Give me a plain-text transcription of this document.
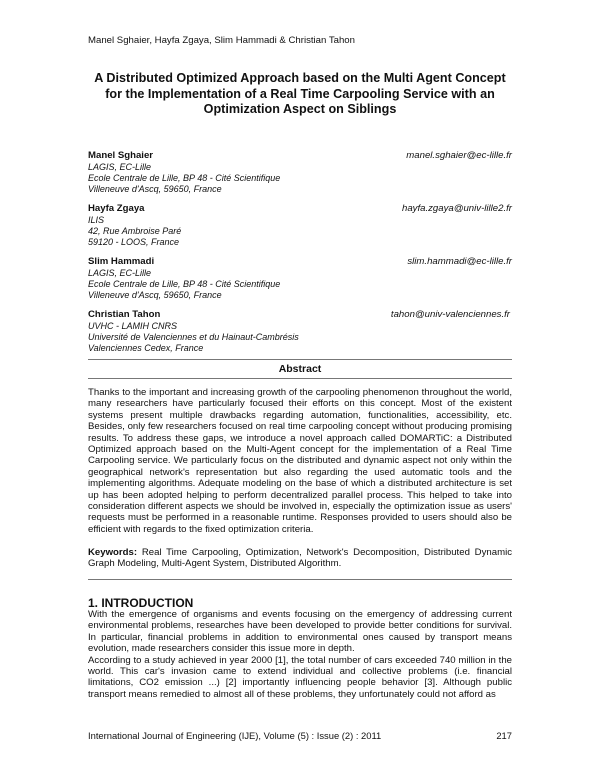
Manel Sghaier, Hayfa Zgaya, Slim Hammadi & Christian Tahon
A Distributed Optimized Approach based on the Multi Agent Concept for the Implementation of a Real Time Carpooling Service with an Optimization Aspect on Siblings
Manel Sghaier	manel.sghaier@ec-lille.fr
LAGIS, EC-Lille
Ecole Centrale de Lille, BP 48 - Cité Scientifique
Villeneuve d'Ascq, 59650, France
Hayfa Zgaya	hayfa.zgaya@univ-lille2.fr
ILIS
42, Rue Ambroise Paré
59120 - LOOS, France
Slim Hammadi	slim.hammadi@ec-lille.fr
LAGIS, EC-Lille
Ecole Centrale de Lille, BP 48 - Cité Scientifique
Villeneuve d'Ascq, 59650, France
Christian Tahon	tahon@univ-valenciennes.fr
UVHC - LAMIH CNRS
Université de Valenciennes et du Hainaut-Cambrésis
Valenciennes Cedex, France
Abstract
Thanks to the important and increasing growth of the carpooling phenomenon throughout the world, many researchers have particularly focused their efforts on this concept. Most of the existent systems present multiple drawbacks regarding automation, functionalities, accessibility, etc. Besides, only few researchers focused on real time carpooling concept without producing promising results. To address these gaps, we introduce a novel approach called DOMARTiC: a Distributed Optimized approach based on the Multi-Agent concept for the implementation of a Real Time Carpooling service. We particularly focus on the distributed and dynamic aspect not only within the geographical network's representation but also regarding the used automatic tools and the implementing algorithms. Adequate modeling on the base of which a distributed architecture is set up has been adopted helping to perform decentralized parallel process. This helped to take into consideration different aspects we should be involved in, especially the optimization issue as users' requests must be performed in a reasonable runtime. Responses provided to users should also be efficient with regards to the fixed optimization criteria.
Keywords: Real Time Carpooling, Optimization, Network's Decomposition, Distributed Dynamic Graph Modeling, Multi-Agent System, Distributed Algorithm.
1. INTRODUCTION

With the emergence of organisms and events focusing on the emergency of addressing current environmental problems, researches have been developed to provide better conditions for survival. In particular, financial problems in addition to environmental ones caused by transport means evolution, made researchers consider this issue more in depth.

According to a study achieved in year 2000 [1], the total number of cars exceeded 740 million in the world. This car's invasion came to extend individual and collective problems (i.e. financial limitations, CO2 emission ...) [2] importantly influencing people behavior [3]. Although public transport means remedied to almost all of these problems, they unfortunately could not afford as

International Journal of Engineering (IJE), Volume (5) : Issue (2) : 2011	217
